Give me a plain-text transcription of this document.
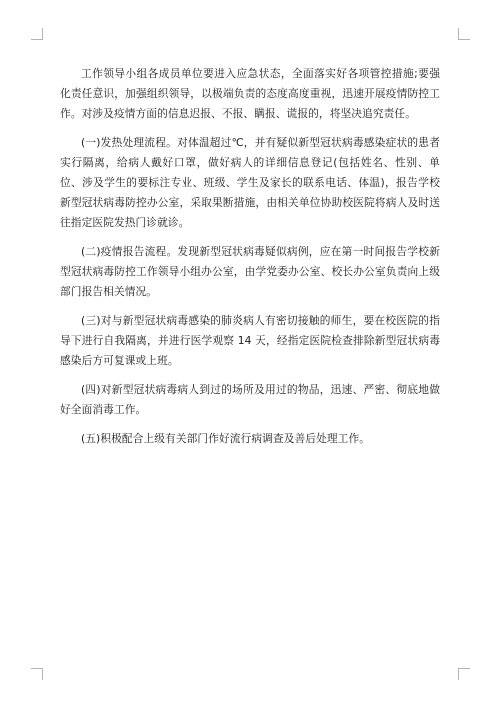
工作领导小组各成员单位要进入应急状态，全面落实好各项管控措施;要强化责任意识，加强组织领导，以极端负责的态度高度重视，迅速开展疫情防控工作。对涉及疫情方面的信息迟报、不报、瞒报、谎报的，将坚决追究责任。

(一)发热处理流程。对体温超过℃，并有疑似新型冠状病毒感染症状的患者实行隔离，给病人戴好口罩，做好病人的详细信息登记(包括姓名、性别、单位、涉及学生的要标注专业、班级、学生及家长的联系电话、体温)，报告学校新型冠状病毒防控办公室，采取果断措施，由相关单位协助校医院将病人及时送往指定医院发热门诊就诊。

(二)疫情报告流程。发现新型冠状病毒疑似病例，应在第一时间报告学校新型冠状病毒防控工作领导小组办公室，由学党委办公室、校长办公室负责向上级部门报告相关情况。

(三)对与新型冠状病毒感染的肺炎病人有密切接触的师生，要在校医院的指导下进行自我隔离，并进行医学观察 14 天，经指定医院检查排除新型冠状病毒感染后方可复课或上班。

(四)对新型冠状病毒病人到过的场所及用过的物品，迅速、严密、彻底地做好全面消毒工作。

(五)积极配合上级有关部门作好流行病调查及善后处理工作。
